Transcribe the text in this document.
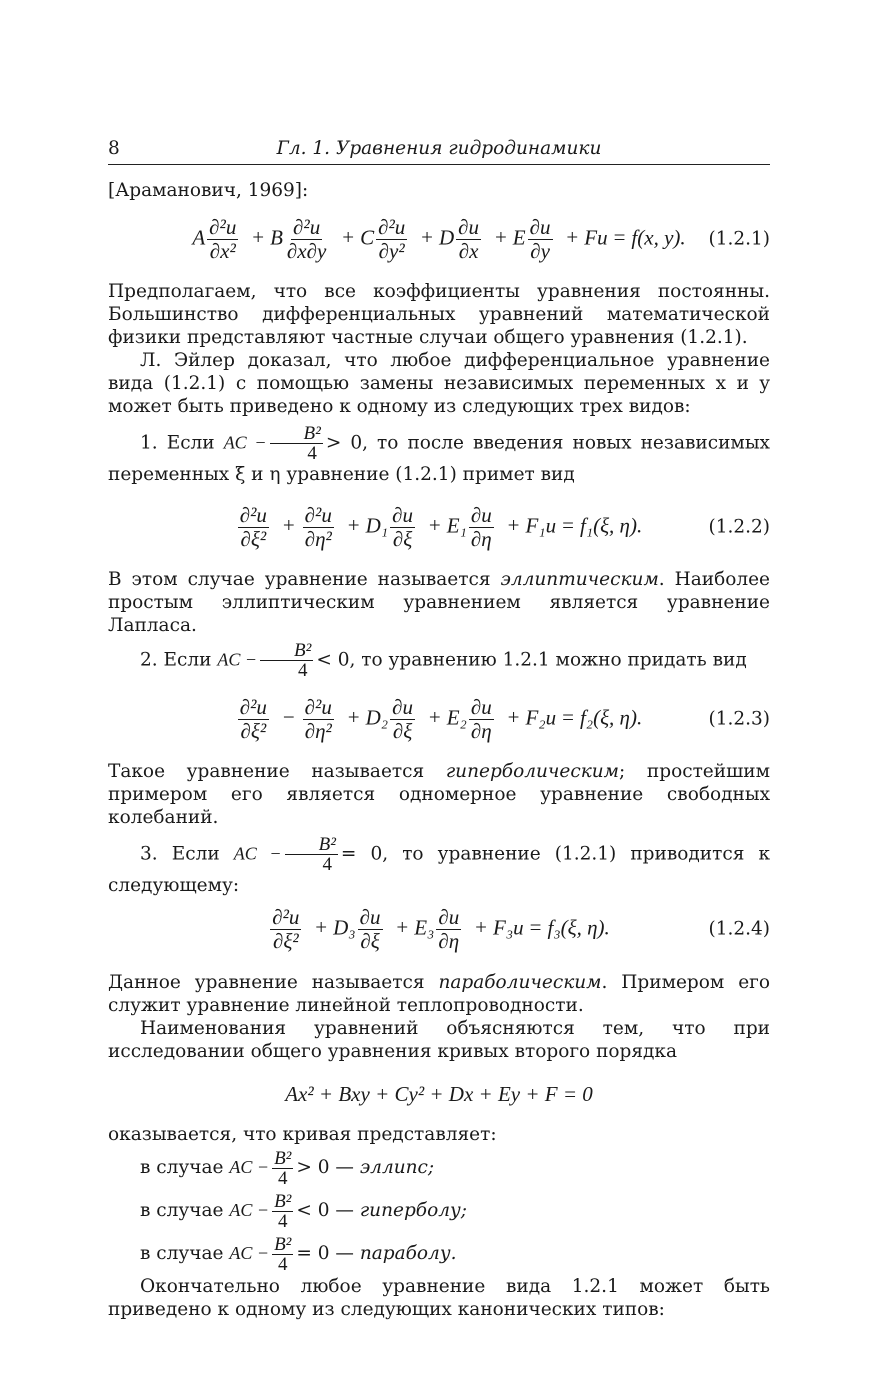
8	Гл. 1. Уравнения гидродинамики

[Араманович, 1969]:

A $\frac{\text{∂²u}}{\text{∂x²}} + B \frac{\text{∂²u}}{\partial x\partial y} + C \frac{\text{∂²u}}{\text{∂y²}} + D \frac{\partial u}{\partial x} + E \frac{\partial u}{\partial y} + Fu = f(x$, y). (1.2.1)

Предполагаем, что все коэффициенты уравнения постоянны. Большинство дифференциальных уравнений математической физики представляют частные случаи общего уравнения (1.2.1).

Л. Эйлер доказал, что любое дифференциальное уравнение вида (1.2.1) с помощью замены независимых переменных x и y может быть приведено к одному из следующих трех видов:

1. Если AC − $\frac{\text{B²}}{4} > 0$, то после введения новых независимых переменных ξ и η уравнение (1.2.1) примет вид

$\frac{\text{∂²u}}{\text{∂ξ²}} + \frac{\text{∂²u}}{\text{∂η²}} + D_1 \frac{\partial u}{\partial\xi} + E_1 \frac{\partial u}{\partial\eta} + F_1u = f_1(\xi$, η).	(1.2.2)

В этом случае уравнение называется эллиптическим. Наиболее простым эллиптическим уравнением является уравнение Лапласа.

2. Если AC − $\frac{\text{B²}}{4} < 0$, то уравнению 1.2.1 можно придать вид

$\frac{\text{∂²u}}{\text{∂ξ²}} - \frac{\text{∂²u}}{\text{∂η²}} + D_2 \frac{\partial u}{\partial\xi} + E_2 \frac{\partial u}{\partial\eta} + F_2u = f_2(\xi$, η).	(1.2.3)

Такое уравнение называется гиперболическим; простейшим примером его является одномерное уравнение свободных колебаний.

3. Если AC − $\frac{\text{B²}}{4} = 0$, то уравнение (1.2.1) приводится к следующему:

$\frac{\text{∂²u}}{\text{∂ξ²}} + D_3 \frac{\partial u}{\partial\xi} + E_3 \frac{\partial u}{\partial\eta} + F_3u = f_3(\xi$, η).	(1.2.4)

Данное уравнение называется параболическим. Примером его служит уравнение линейной теплопроводности.

Наименования уравнений объясняются тем, что при исследовании общего уравнения кривых второго порядка

Ax² + Bxy + Cy² + Dx + Ey + F = 0

оказывается, что кривая представляет:

в случае AC − $\frac{\text{B²}}{4} > 0$ — эллипс;
в случае AC − $\frac{\text{B²}}{4} < 0$ — гиперболу;
в случае AC − $\frac{\text{B²}}{4} = 0$ — параболу.

Окончательно любое уравнение вида 1.2.1 может быть приведено к одному из следующих канонических типов:
